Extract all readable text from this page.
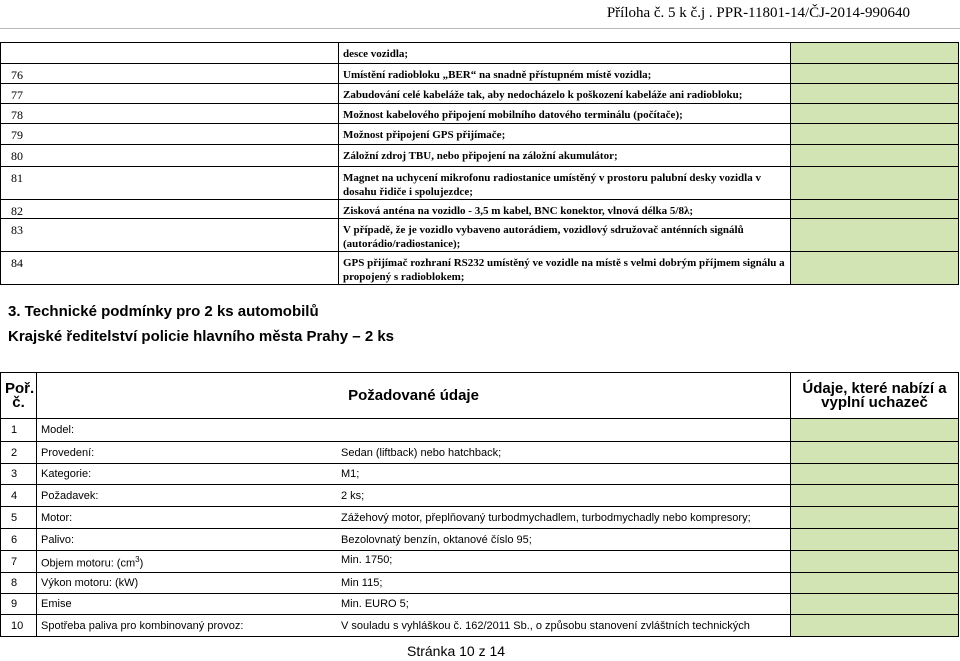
Příloha č. 5 k č.j . PPR-11801-14/ČJ-2014-990640
	desce vozidla;	
76	Umístění radiobloku „BER“ na snadně přístupném místě vozidla;	
77	Zabudování celé kabeláže tak, aby nedocházelo k poškození kabeláže ani radiobloku;	
78	Možnost kabelového připojení mobilního datového terminálu (počítače);	
79	Možnost připojení GPS přijímače;	
80	Záložní zdroj TBU, nebo připojení na záložní akumulátor;	
81	Magnet na uchycení mikrofonu radiostanice umístěný v prostoru palubní desky vozidla v dosahu řidiče i spolujezdce;	
82	Zisková anténa na vozidlo - 3,5 m kabel, BNC konektor, vlnová délka 5/8λ;	
83	V případě, že je vozidlo vybaveno autorádiem, vozidlový sdružovač anténních signálů (autorádio/radiostanice);	
84	GPS přijímač rozhraní RS232 umístěný ve vozidle na místě s velmi dobrým příjmem signálu a propojený s radioblokem;	
3. Technické podmínky pro 2 ks automobilů
Krajské ředitelství policie hlavního města Prahy – 2 ks
Poř. č.	Požadované údaje	Údaje, které nabízí a vyplní uchazeč
1	Model:	

2	Provedení: Sedan (liftback) nebo hatchback;	

3	Kategorie: M1;	

4	Požadavek: 2 ks;	

5	Motor: Zážehový motor, přeplňovaný turbodmychadlem, turbodmychadly nebo kompresory;	

6	Palivo: Bezolovnatý benzín, oktanové číslo 95;	

7	Objem motoru: $(cm^3)$ Min. 1750;	

8	Výkon motoru: (kW) Min 115;	

9	Emise Min. EURO 5;	

10	Spotřeba paliva pro kombinovaný provoz: V souladu s vyhláškou č. 162/2011 Sb., o způsobu stanovení zvláštních technických	

Stránka 10 z 14
